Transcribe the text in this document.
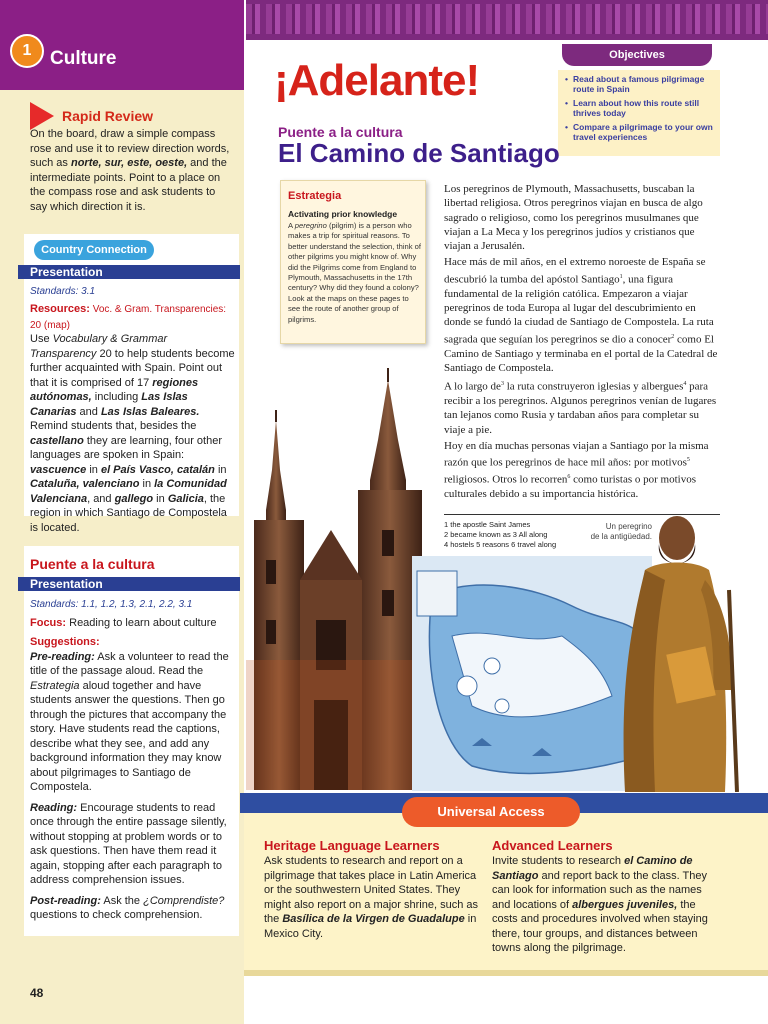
1 Culture
Rapid Review
On the board, draw a simple compass rose and use it to review direction words, such as norte, sur, este, oeste, and the intermediate points. Point to a place on the compass rose and ask students to say which direction it is.
Country Connection
Presentation
Standards: 3.1
Resources: Voc. & Gram. Transparencies: 20 (map)
Use Vocabulary & Grammar Transparency 20 to help students become further acquainted with Spain. Point out that it is comprised of 17 regiones autónomas, including Las Islas Canarias and Las Islas Baleares. Remind students that, besides the castellano they are learning, four other languages are spoken in Spain: vascuence in el País Vasco, catalán in Cataluña, valenciano in la Comunidad Valenciana, and gallego in Galicia, the region in which Santiago de Compostela is located.
Puente a la cultura
Presentation
Standards: 1.1, 1.2, 1.3, 2.1, 2.2, 3.1
Focus: Reading to learn about culture
Suggestions:
Pre-reading: Ask a volunteer to read the title of the passage aloud. Read the Estrategia aloud together and have students answer the questions. Then go through the pictures that accompany the story. Have students read the captions, describe what they see, and add any background information they may know about pilgrimages to Santiago de Compostela.
Reading: Encourage students to read once through the entire passage silently, without stopping at problem words or to ask questions. Then have them read it again, stopping after each paragraph to address comprehension issues.
Post-reading: Ask the ¿Comprendiste? questions to check comprehension.
48
Objectives
• Read about a famous pilgrimage route in Spain
• Learn about how this route still thrives today
• Compare a pilgrimage to your own travel experiences
¡Adelante!
Puente a la cultura
El Camino de Santiago
Estrategia
Activating prior knowledge
A peregrino (pilgrim) is a person who makes a trip for spiritual reasons. To better understand the selection, think of other pilgrims you might know of. Why did the Pilgrims come from England to Plymouth, Massachusetts in the 17th century? Why did they found a colony? Look at the maps on these pages to see the route of another group of pilgrims.

Los peregrinos de Plymouth, Massachusetts, buscaban la libertad religiosa. Otros peregrinos viajan en busca de algo sagrado o religioso, como los peregrinos musulmanes que viajan a La Meca y los peregrinos judíos y cristianos que viajan a Jerusalén.

Hace más de mil años, en el extremo noroeste de España se descubrió la tumba del apóstol Santiago$^1$, una figura fundamental de la religión católica. Empezaron a viajar peregrinos de toda Europa al lugar del descubrimiento en donde se fundó la ciudad de Santiago de Compostela. La ruta sagrada que seguían los peregrinos se dio a conocer$^2$ como El Camino de Santiago y terminaba en el portal de la Catedral de Santiago de Compostela.

A lo largo $de^3$ la ruta construyeron iglesias y albergues$^4$ para recibir a los peregrinos. Algunos peregrinos venían de lugares tan lejanos como Rusia y tardaban años para completar su viaje a pie.

Hoy en día muchas personas viajan a Santiago por la misma razón que los peregrinos de hace mil años: por motivos$^5$ religiosos. Otros lo recorren$^6$ como turistas o por motivos culturales debido a su importancia histórica.

1 the apostle Saint James
2 became known as 3 All along
4 hostels 5 reasons 6 travel along
Un peregrino
de la antigüedad.
Universal Access
Heritage Language Learners	Advanced Learners
Ask students to research and report on a pilgrimage that takes place in Latin America or the southwestern United States. They might also report on a major shrine, such as the Basílica de la Virgen de Guadalupe in Mexico City.
Invite students to research el Camino de Santiago and report back to the class. They can look for information such as the names and locations of albergues juveniles, the costs and procedures involved when staying there, tour groups, and distances between towns along the pilgrimage.
